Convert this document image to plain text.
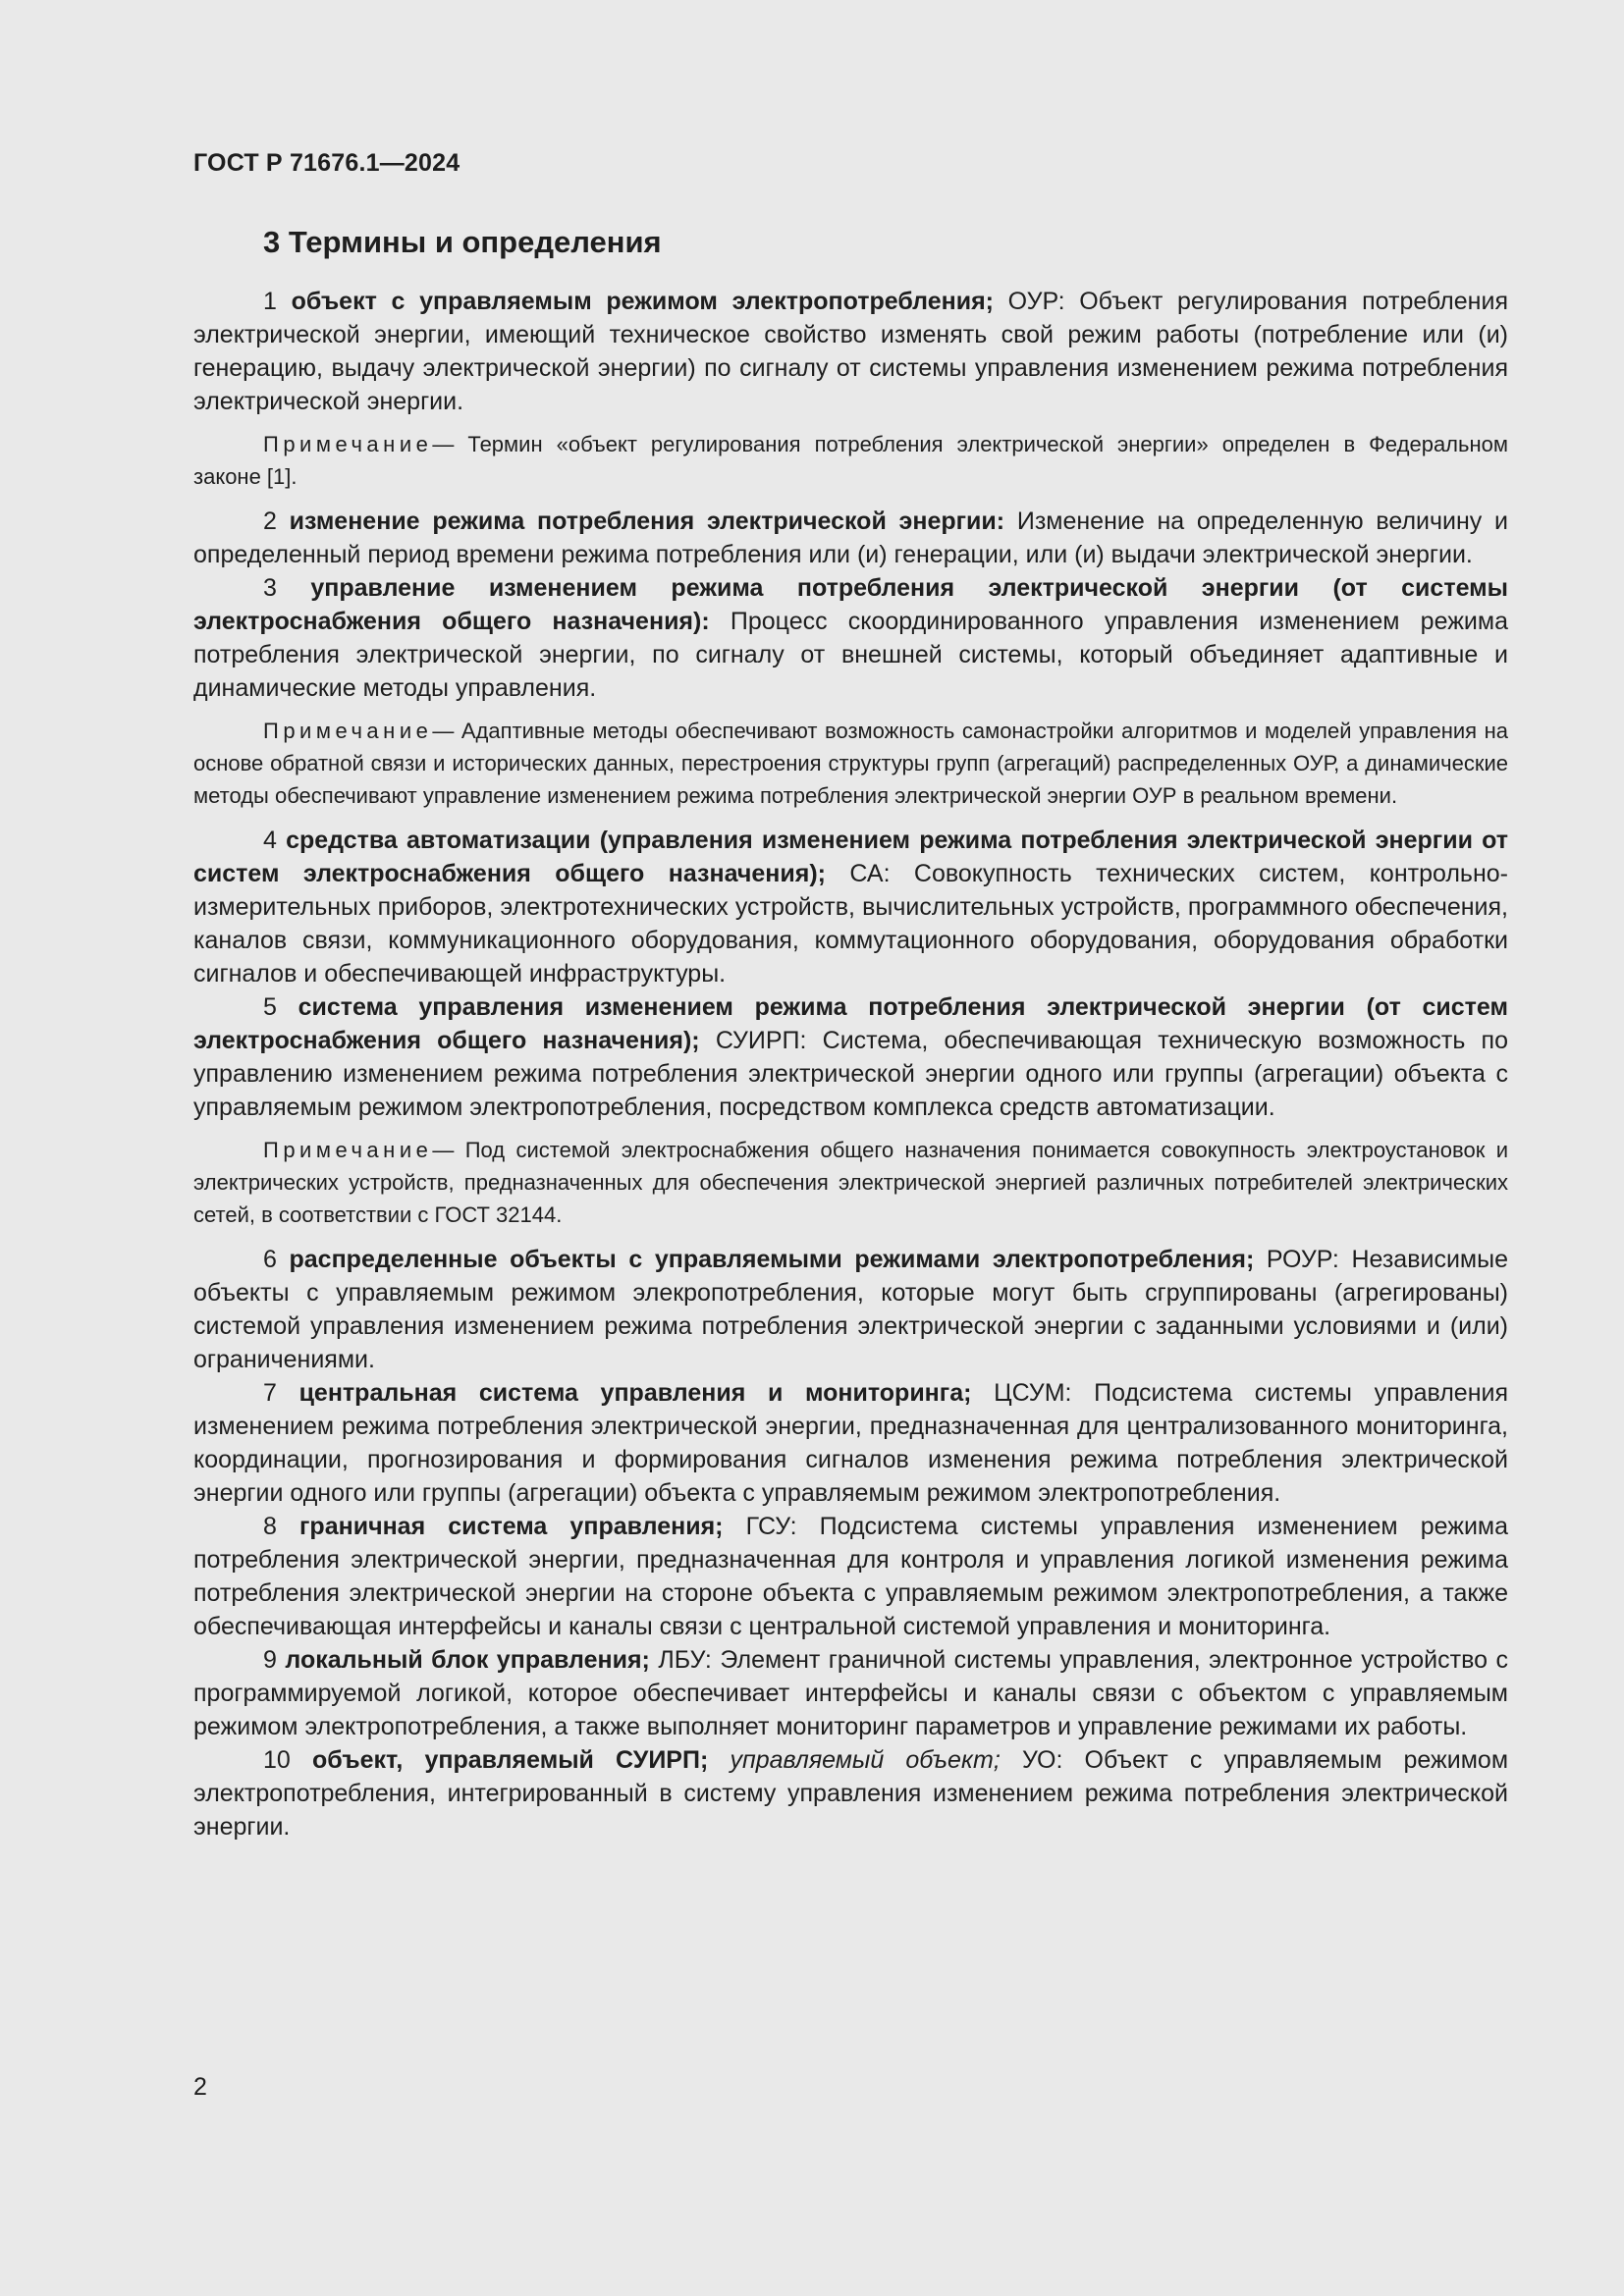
ГОСТ Р 71676.1—2024
3 Термины и определения

1 объект с управляемым режимом электропотребления; ОУР: Объект регулирования потребления электрической энергии, имеющий техническое свойство изменять свой режим работы (потребление или (и) генерацию, выдачу электрической энергии) по сигналу от системы управления изменением режима потребления электрической энергии.

Примечание— Термин «объект регулирования потребления электрической энергии» определен в Федеральном законе [1].

2 изменение режима потребления электрической энергии: Изменение на определенную величину и определенный период времени режима потребления или (и) генерации, или (и) выдачи электрической энергии.

3 управление изменением режима потребления электрической энергии (от системы электроснабжения общего назначения): Процесс скоординированного управления изменением режима потребления электрической энергии, по сигналу от внешней системы, который объединяет адаптивные и динамические методы управления.

Примечание— Адаптивные методы обеспечивают возможность самонастройки алгоритмов и моделей управления на основе обратной связи и исторических данных, перестроения структуры групп (агрегаций) распределенных ОУР, а динамические методы обеспечивают управление изменением режима потребления электрической энергии ОУР в реальном времени.

4 средства автоматизации (управления изменением режима потребления электрической энергии от систем электроснабжения общего назначения); СА: Совокупность технических систем, контрольно-измерительных приборов, электротехнических устройств, вычислительных устройств, программного обеспечения, каналов связи, коммуникационного оборудования, коммутационного оборудования, оборудования обработки сигналов и обеспечивающей инфраструктуры.

5 система управления изменением режима потребления электрической энергии (от систем электроснабжения общего назначения); СУИРП: Система, обеспечивающая техническую возможность по управлению изменением режима потребления электрической энергии одного или группы (агрегации) объекта с управляемым режимом электропотребления, посредством комплекса средств автоматизации.

Примечание— Под системой электроснабжения общего назначения понимается совокупность электроустановок и электрических устройств, предназначенных для обеспечения электрической энергией различных потребителей электрических сетей, в соответствии с ГОСТ 32144.

6 распределенные объекты с управляемыми режимами электропотребления; РОУР: Независимые объекты с управляемым режимом элекропотребления, которые могут быть сгруппированы (агрегированы) системой управления изменением режима потребления электрической энергии с заданными условиями и (или) ограничениями.

7 центральная система управления и мониторинга; ЦСУМ: Подсистема системы управления изменением режима потребления электрической энергии, предназначенная для централизованного мониторинга, координации, прогнозирования и формирования сигналов изменения режима потребления электрической энергии одного или группы (агрегации) объекта с управляемым режимом электропотребления.

8 граничная система управления; ГСУ: Подсистема системы управления изменением режима потребления электрической энергии, предназначенная для контроля и управления логикой изменения режима потребления электрической энергии на стороне объекта с управляемым режимом электропотребления, а также обеспечивающая интерфейсы и каналы связи с центральной системой управления и мониторинга.

9 локальный блок управления; ЛБУ: Элемент граничной системы управления, электронное устройство с программируемой логикой, которое обеспечивает интерфейсы и каналы связи с объектом с управляемым режимом электропотребления, а также выполняет мониторинг параметров и управление режимами их работы.

10 объект, управляемый СУИРП; управляемый объект; УО: Объект с управляемым режимом электропотребления, интегрированный в систему управления изменением режима потребления электрической энергии.

2
